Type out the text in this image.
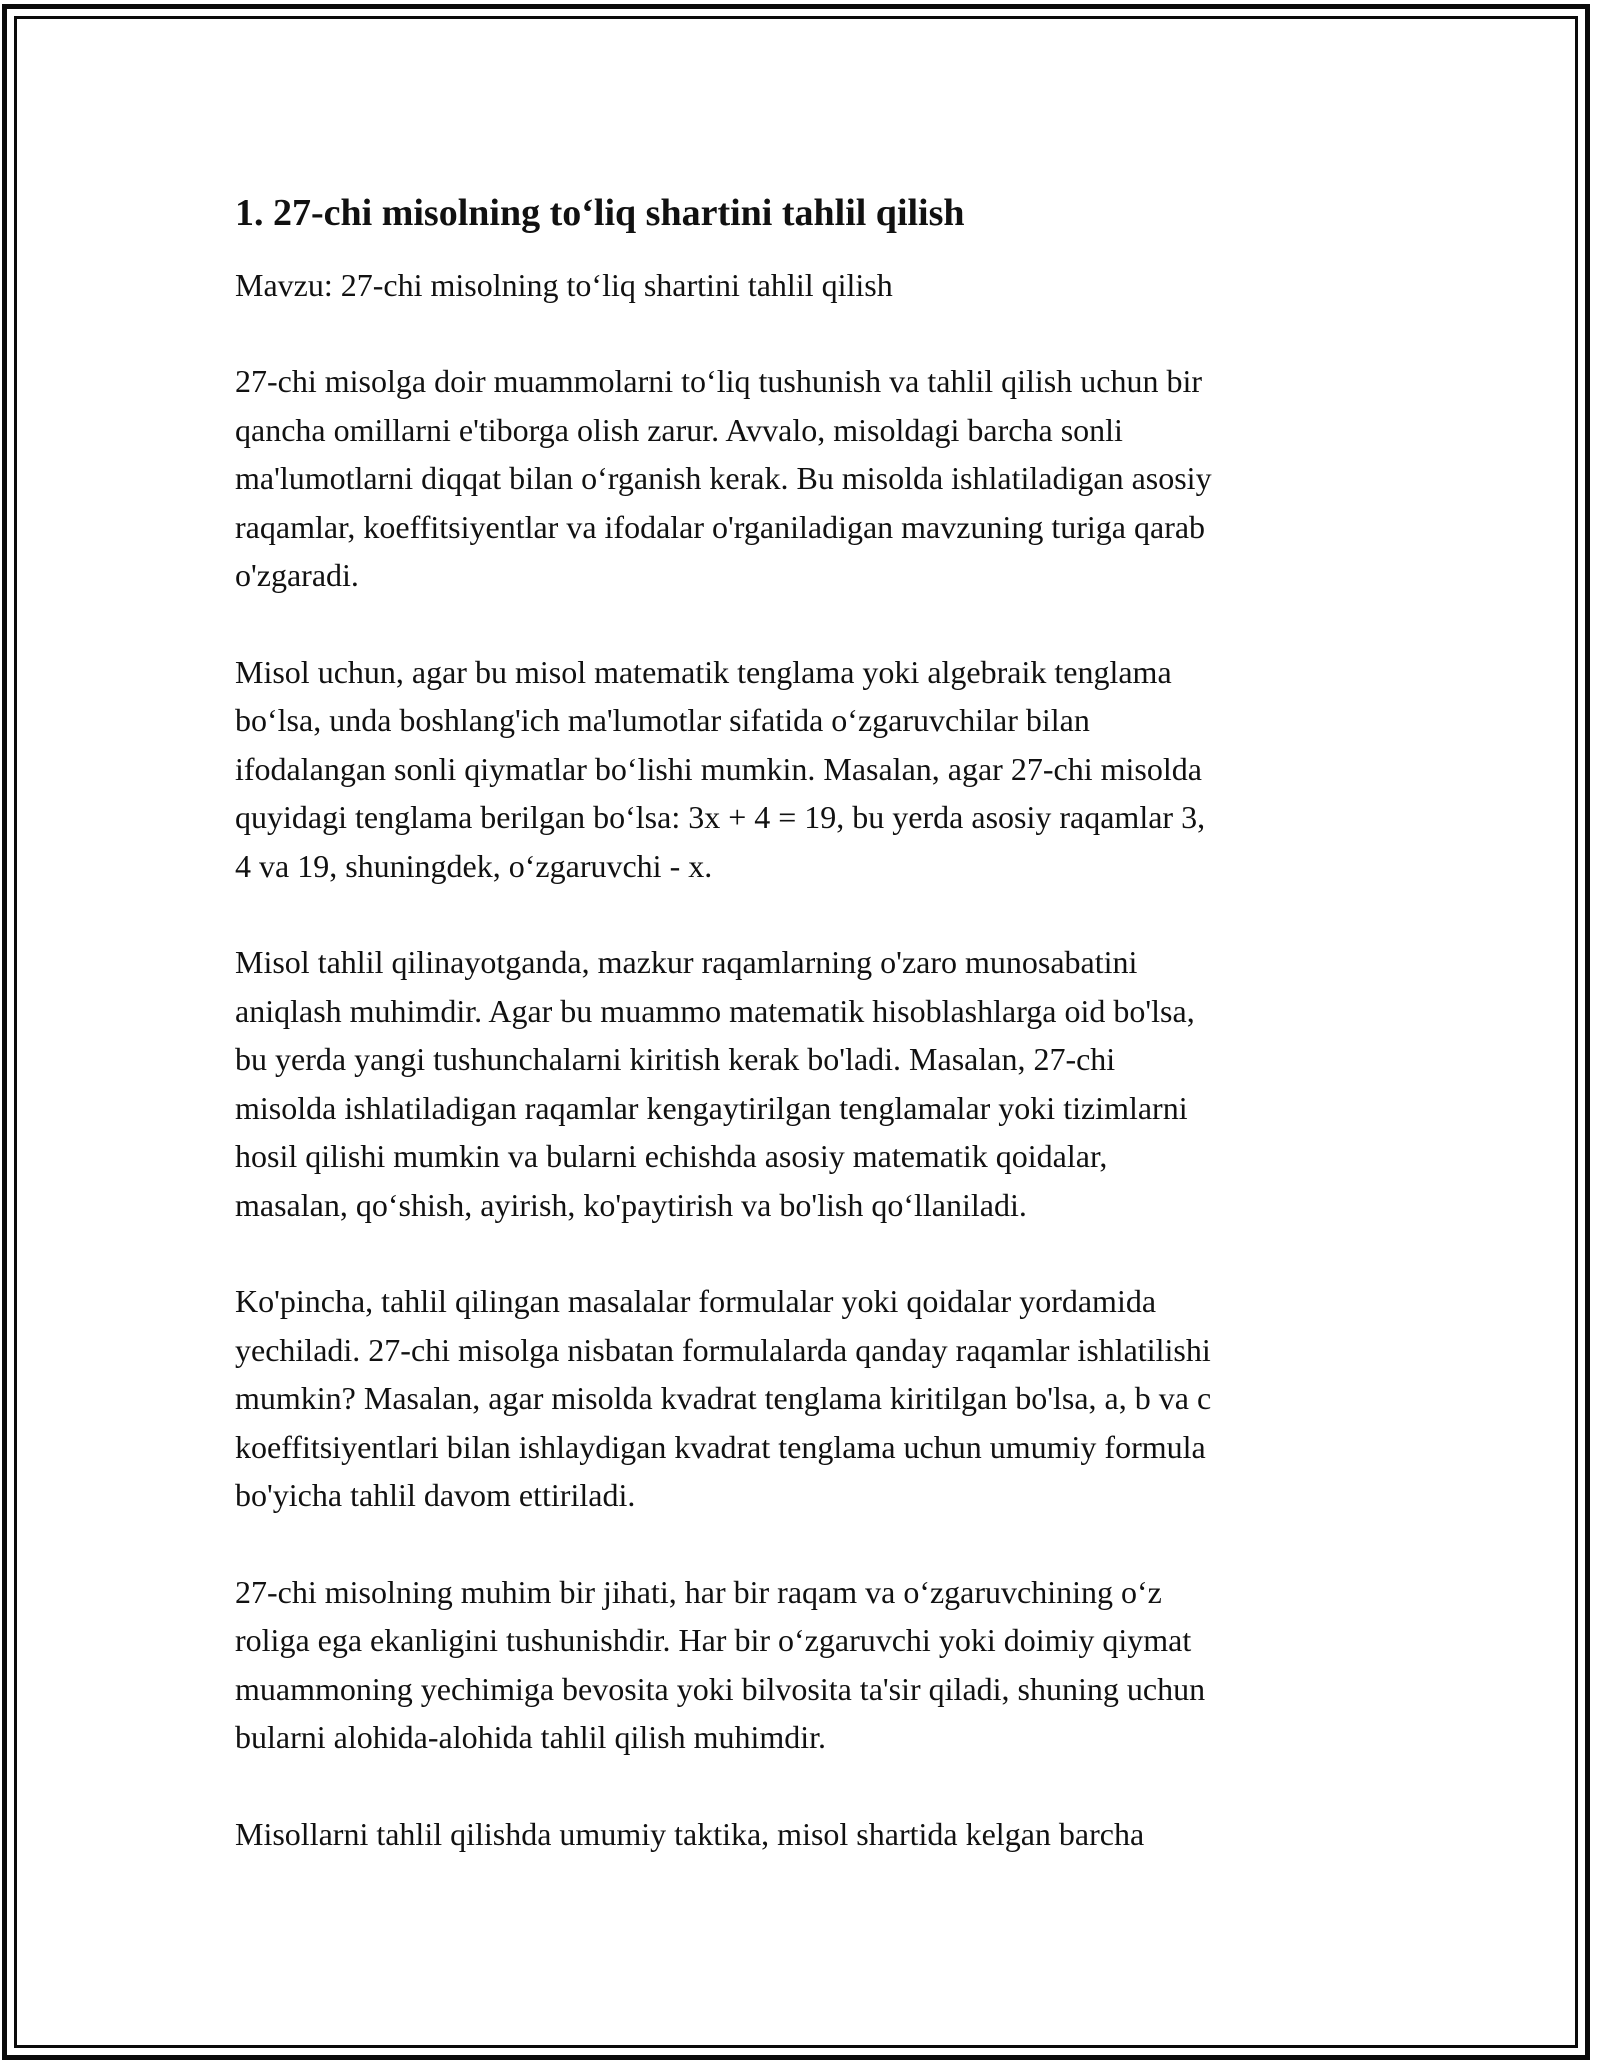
1. 27-chi misolning to‘liq shartini tahlil qilish

Mavzu: 27-chi misolning to‘liq shartini tahlil qilish

27-chi misolga doir muammolarni to‘liq tushunish va tahlil qilish uchun bir
qancha omillarni e'tiborga olish zarur. Avvalo, misoldagi barcha sonli
ma'lumotlarni diqqat bilan o‘rganish kerak. Bu misolda ishlatiladigan asosiy
raqamlar, koeffitsiyentlar va ifodalar o'rganiladigan mavzuning turiga qarab
o'zgaradi.

Misol uchun, agar bu misol matematik tenglama yoki algebraik tenglama
bo‘lsa, unda boshlang'ich ma'lumotlar sifatida o‘zgaruvchilar bilan
ifodalangan sonli qiymatlar bo‘lishi mumkin. Masalan, agar 27-chi misolda
quyidagi tenglama berilgan bo‘lsa: 3x + 4 = 19, bu yerda asosiy raqamlar 3,
4 va 19, shuningdek, o‘zgaruvchi - x.

Misol tahlil qilinayotganda, mazkur raqamlarning o'zaro munosabatini
aniqlash muhimdir. Agar bu muammo matematik hisoblashlarga oid bo'lsa,
bu yerda yangi tushunchalarni kiritish kerak bo'ladi. Masalan, 27-chi
misolda ishlatiladigan raqamlar kengaytirilgan tenglamalar yoki tizimlarni
hosil qilishi mumkin va bularni echishda asosiy matematik qoidalar,
masalan, qo‘shish, ayirish, ko'paytirish va bo'lish qo‘llaniladi.

Ko'pincha, tahlil qilingan masalalar formulalar yoki qoidalar yordamida
yechiladi. 27-chi misolga nisbatan formulalarda qanday raqamlar ishlatilishi
mumkin? Masalan, agar misolda kvadrat tenglama kiritilgan bo'lsa, a, b va c
koeffitsiyentlari bilan ishlaydigan kvadrat tenglama uchun umumiy formula
bo'yicha tahlil davom ettiriladi.

27-chi misolning muhim bir jihati, har bir raqam va o‘zgaruvchining o‘z
roliga ega ekanligini tushunishdir. Har bir o‘zgaruvchi yoki doimiy qiymat
muammoning yechimiga bevosita yoki bilvosita ta'sir qiladi, shuning uchun
bularni alohida-alohida tahlil qilish muhimdir.

Misollarni tahlil qilishda umumiy taktika, misol shartida kelgan barcha
